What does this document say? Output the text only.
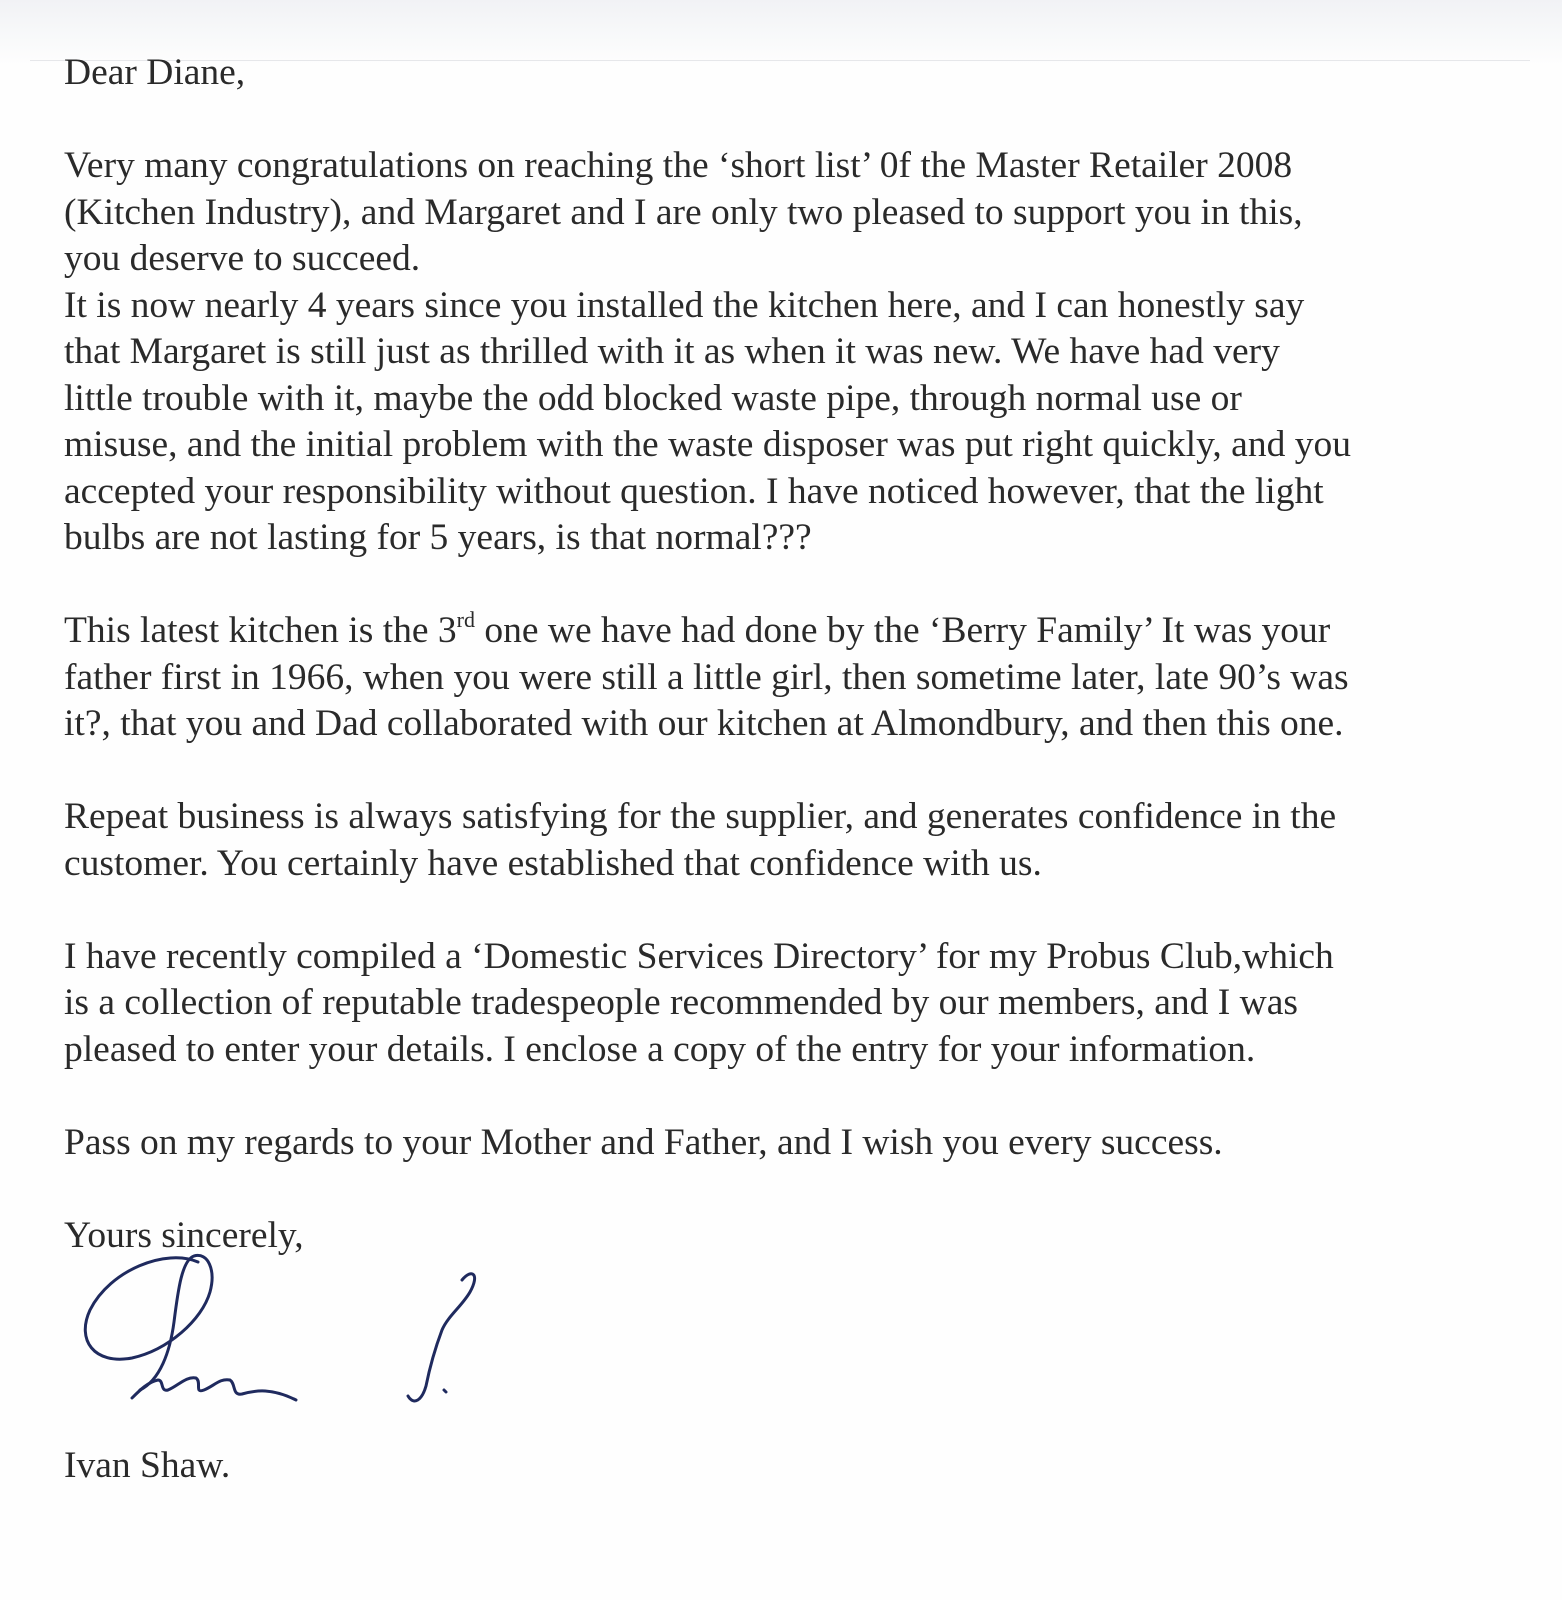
Dear Diane,

Very many congratulations on reaching the ‘short list’ 0f the Master Retailer 2008
(Kitchen Industry), and Margaret and I are only two pleased to support you in this,
you deserve to succeed.
It is now nearly 4 years since you installed the kitchen here, and I can honestly say
that Margaret is still just as thrilled with it as when it was new. We have had very
little trouble with it, maybe the odd blocked waste pipe, through normal use or
misuse, and the initial problem with the waste disposer was put right quickly, and you
accepted your responsibility without question. I have noticed however, that the light
bulbs are not lasting for 5 years, is that normal???

This latest kitchen is the 3rd one we have had done by the ‘Berry Family’ It was your
father first in 1966, when you were still a little girl, then sometime later, late 90’s was
it?, that you and Dad collaborated with our kitchen at Almondbury, and then this one.

Repeat business is always satisfying for the supplier, and generates confidence in the
customer. You certainly have established that confidence with us.

I have recently compiled a ‘Domestic Services Directory’ for my Probus Club,which
is a collection of reputable tradespeople recommended by our members, and I was
pleased to enter your details. I enclose a copy of the entry for your information.

Pass on my regards to your Mother and Father, and I wish you every success.

Yours sincerely,

Ivan Shaw.
